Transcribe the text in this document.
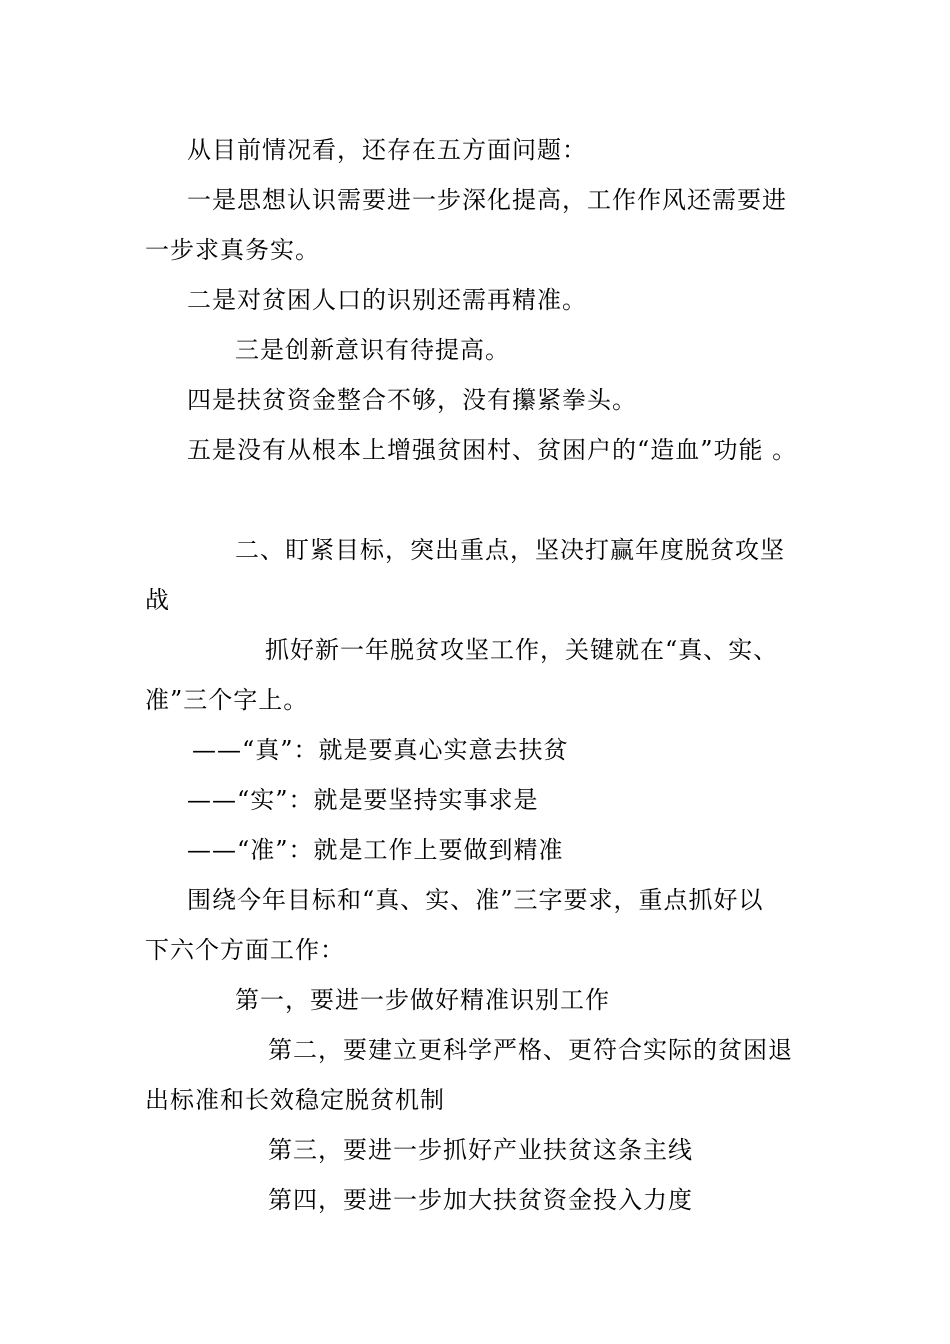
从目前情况看，还存在五方面问题：
一是思想认识需要进一步深化提高，工作作风还需要进
一步求真务实。
二是对贫困人口的识别还需再精准。
三是创新意识有待提高。
四是扶贫资金整合不够，没有攥紧拳头。
五是没有从根本上增强贫困村、贫困户的“造血”功能 。
二、盯紧目标，突出重点，坚决打赢年度脱贫攻坚
战
抓好新一年脱贫攻坚工作，关键就在“真、实、
准”三个字上。
——“真”：就是要真心实意去扶贫
——“实”：就是要坚持实事求是
——“准”：就是工作上要做到精准
围绕今年目标和“真、实、准”三字要求，重点抓好以
下六个方面工作：
第一，要进一步做好精准识别工作
第二，要建立更科学严格、更符合实际的贫困退
出标准和长效稳定脱贫机制
第三，要进一步抓好产业扶贫这条主线
第四，要进一步加大扶贫资金投入力度
